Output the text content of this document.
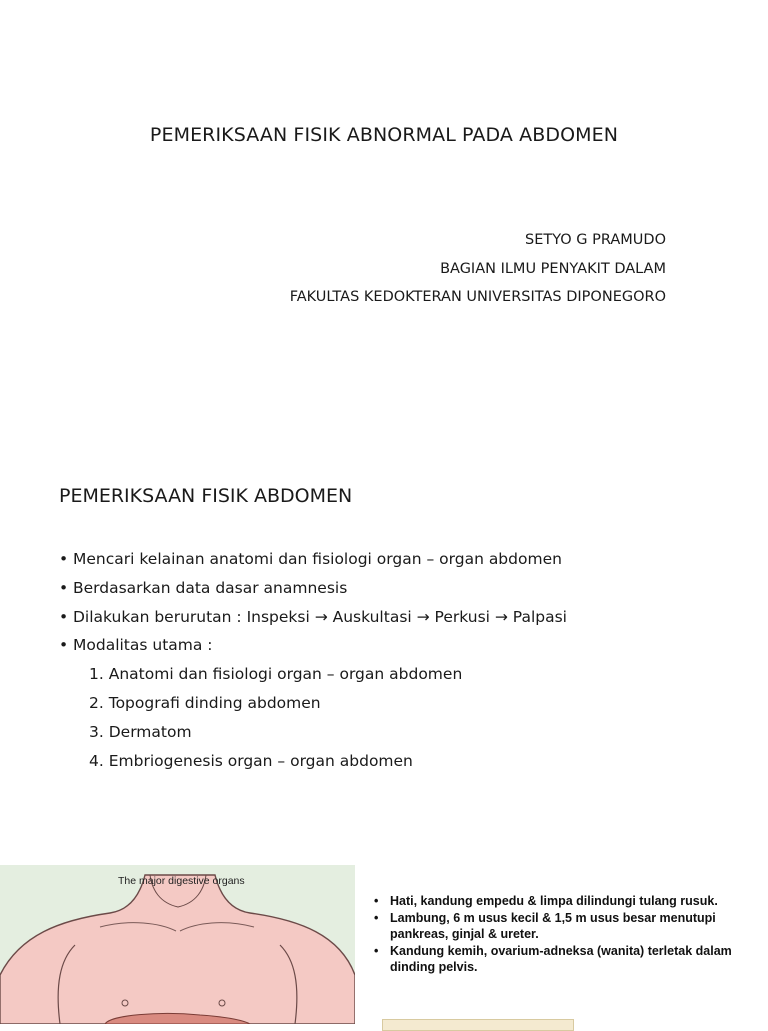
PEMERIKSAAN FISIK ABNORMAL PADA ABDOMEN
SETYO G PRAMUDO
BAGIAN ILMU PENYAKIT DALAM
FAKULTAS KEDOKTERAN UNIVERSITAS DIPONEGORO
PEMERIKSAAN FISIK ABDOMEN
• Mencari kelainan anatomi dan fisiologi organ – organ abdomen
• Berdasarkan data dasar anamnesis
• Dilakukan berurutan : Inspeksi → Auskultasi → Perkusi → Palpasi
• Modalitas utama :
1. Anatomi dan fisiologi organ – organ abdomen
2. Topografi dinding abdomen
3. Dermatom
4. Embriogenesis organ – organ abdomen
The major digestive organs
• Hati, kandung empedu & limpa dilindungi tulang rusuk.
• Lambung, 6 m usus kecil & 1,5 m usus besar menutupi pankreas, ginjal & ureter.
• Kandung kemih, ovarium-adneksa (wanita) terletak dalam dinding pelvis.
